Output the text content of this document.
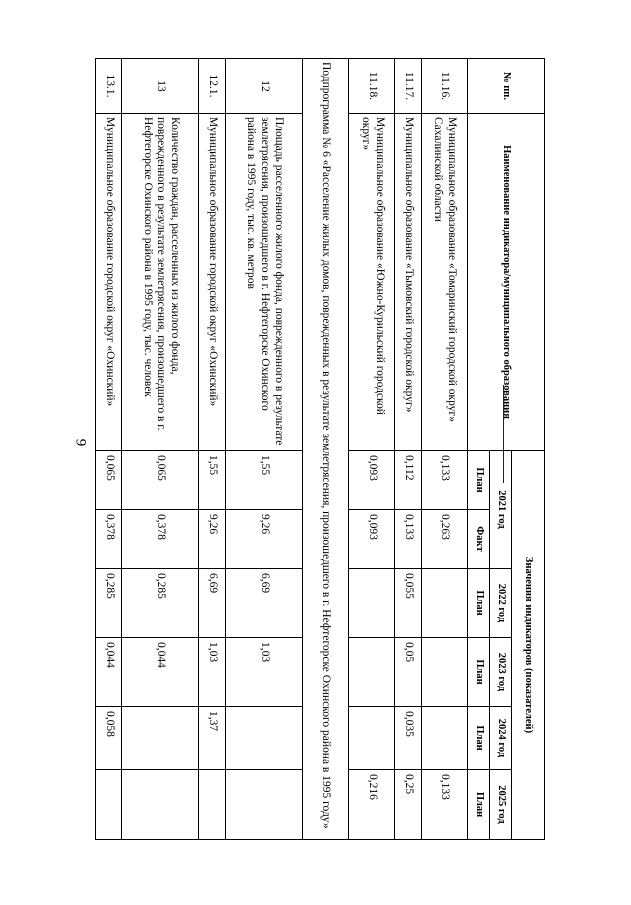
9
№ пп.	Наименование индикатора/муниципального образования	Значения индикаторов (показателей)					
		2021 год		2022 год	2023 год	2024 год	2025 год
		План	Факт	План	План	План	План
11.16.	Муниципальное образование «Томаринский городской округ» Сахалинской области	0,133	0,263				0,133
11.17.	Муниципальное образование «Тымовский городской округ»	0,112	0,133	0,055	0,05	0,035	0,25
11.18.	Муниципальное образование «Южно-Курильский городской округ»	0,093	0,093				0,216
Подпрограмма № 6 «Расселение жилых домов, поврежденных в результате землетрясения, произошедшего в г. Нефтегорске Охинского района в 1995 году»							
12	Площадь расселенного жилого фонда, поврежденного в результате землетрясения, произошедшего в г. Нефтегорске Охинского района в 1995 году, тыс. кв. метров	1,55	9,26	6,69	1,03		
12.1.	Муниципальное образование городской округ «Охинский»	1,55	9,26	6,69	1,03	1,37	
13	Количество граждан, расселенных из жилого фонда, поврежденного в результате землетрясения, произошедшего в г. Нефтегорске Охинского района в 1995 году, тыс. человек	0,065	0,378	0,285	0,044		
13.1.	Муниципальное образование городской округ «Охинский»	0,065	0,378	0,285	0,044	0,058	
